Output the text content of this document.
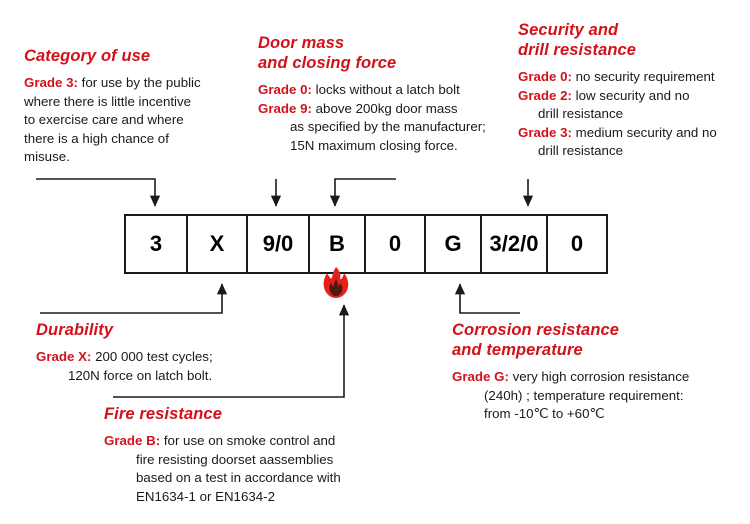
Category of use
Grade 3: for use by the public
where there is little incentive
to exercise care and where
there is a high chance of
misuse.
Door mass
and closing force
Grade 0: locks without a latch bolt
Grade 9: above 200kg door mass
as specified by the manufacturer;
15N maximum closing force.
Security and
drill resistance
Grade 0: no security requirement
Grade 2: low security and no
drill resistance
Grade 3: medium security and no
drill resistance
3	X	9/0	B	0	G	3/2/0	0
Durability
Grade X: 200 000 test cycles;
120N force on latch bolt.
Fire resistance
Grade B: for use on smoke control and
fire resisting doorset aassemblies
based on a test in accordance with
EN1634-1 or EN1634-2
Corrosion resistance
and temperature
Grade G: very high corrosion resistance
(240h) ; temperature requirement:
from -10℃ to +60℃
